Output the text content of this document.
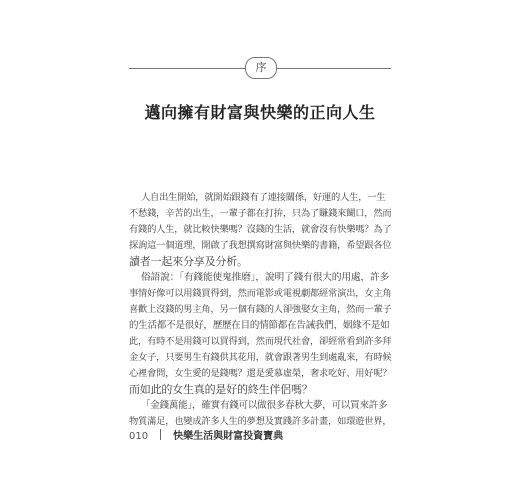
序
邁向擁有財富與快樂的正向人生
人自出生開始，就開始跟錢有了連接關係，好運的人生，一生
不愁錢，辛苦的出生，一輩子都在打拚，只為了賺錢來餬口，然而
有錢的人生，就比較快樂嗎？沒錢的生活，就會沒有快樂嗎？為了
探詢這一個道理，開啟了我想撰寫財富與快樂的書籍，希望跟各位
讀者一起來分享及分析。
俗語說：「有錢能使鬼推磨」，說明了錢有很大的用處，許多
事情好像可以用錢買得到，然而電影或電視劇都經常演出，女主角
喜歡上沒錢的男主角，另一個有錢的人卻強娶女主角，然而一輩子
的生活都不是很好，歷歷在目的情節都在告誡我們，姻緣不是如
此，有時不是用錢可以買得到，然而現代社會，卻經常看到許多拜
金女子，只要男生有錢供其花用，就會跟著男生到處亂來，有時候
心裡會問，女生愛的是錢嗎？還是愛慕虛榮，奢求吃好、用好呢？
而如此的女生真的是好的終生伴侶嗎？
「金錢萬能」，確實有錢可以做很多春秋大夢，可以買來許多
物質滿足，也變成許多人生的夢想及實踐許多計畫，如環遊世界，
010	快樂生活與財富投資寶典
